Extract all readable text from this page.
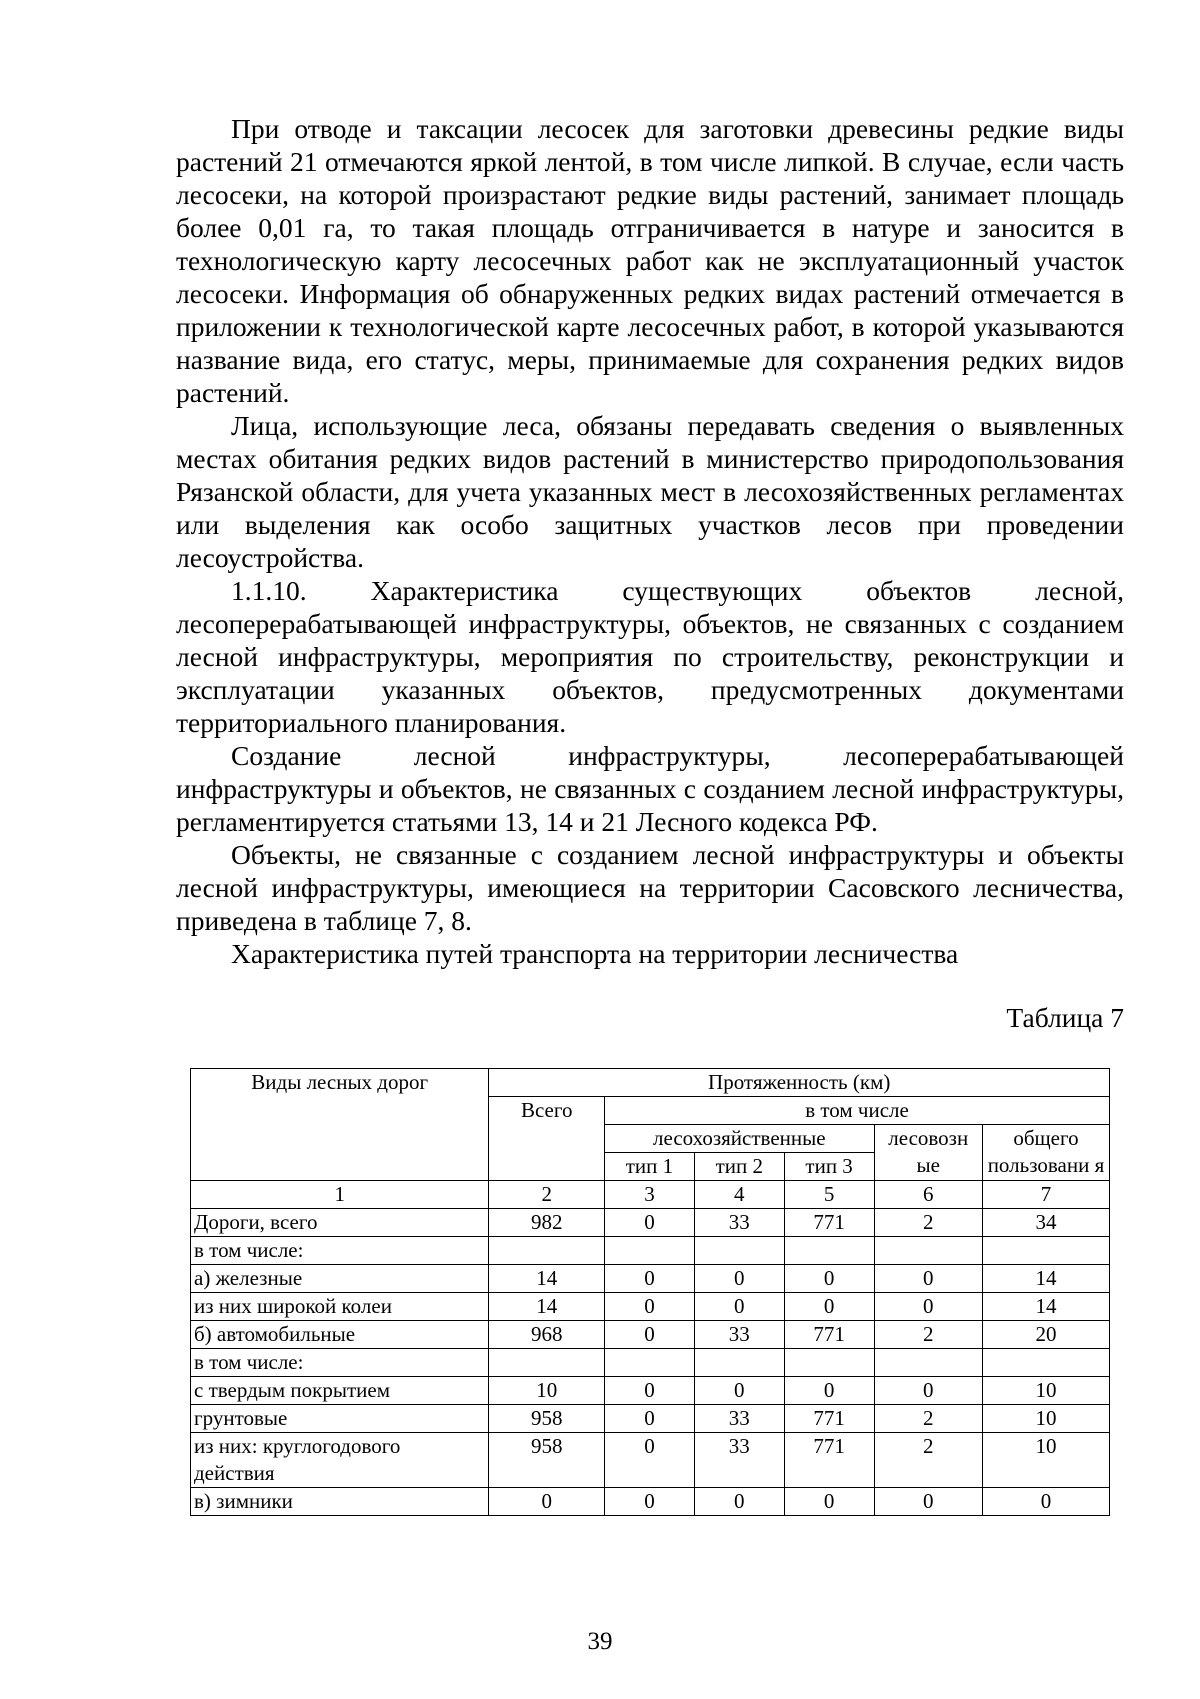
При отводе и таксации лесосек для заготовки древесины редкие виды растений 21 отмечаются яркой лентой, в том числе липкой. В случае, если часть лесосеки, на которой произрастают редкие виды растений, занимает площадь более 0,01 га, то такая площадь отграничивается в натуре и заносится в технологическую карту лесосечных работ как не эксплуатационный участок лесосеки. Информация об обнаруженных редких видах растений отмечается в приложении к технологической карте лесосечных работ, в которой указываются название вида, его статус, меры, принимаемые для сохранения редких видов растений.

Лица, использующие леса, обязаны передавать сведения о выявленных местах обитания редких видов растений в министерство природопользования Рязанской области, для учета указанных мест в лесохозяйственных регламентах или выделения как особо защитных участков лесов при проведении лесоустройства.

1.1.10. Характеристика существующих объектов лесной, лесоперерабатывающей инфраструктуры, объектов, не связанных с созданием лесной инфраструктуры, мероприятия по строительству, реконструкции и эксплуатации указанных объектов, предусмотренных документами территориального планирования.

Создание лесной инфраструктуры, лесоперерабатывающей инфраструктуры и объектов, не связанных с созданием лесной инфраструктуры, регламентируется статьями 13, 14 и 21 Лесного кодекса РФ.

Объекты, не связанные с созданием лесной инфраструктуры и объекты лесной инфраструктуры, имеющиеся на территории Сасовского лесничества, приведена в таблице 7, 8.

Характеристика путей транспорта на территории лесничества

Таблица 7
Виды лесных дорог	Протяженность (км)					
	Всего	в том числе				
		лесохозяйственные			лесовозн ые	общего пользовани я
		тип 1	тип 2	тип 3		
1	2	3	4	5	6	7
Дороги, всего	982	0	33	771	2	34
в том числе:						
а) железные	14	0	0	0	0	14
из них широкой колеи	14	0	0	0	0	14
б) автомобильные	968	0	33	771	2	20
в том числе:						
с твердым покрытием	10	0	0	0	0	10
грунтовые	958	0	33	771	2	10
из них: круглогодового действия	958	0	33	771	2	10
в) зимники	0	0	0	0	0	0
39
